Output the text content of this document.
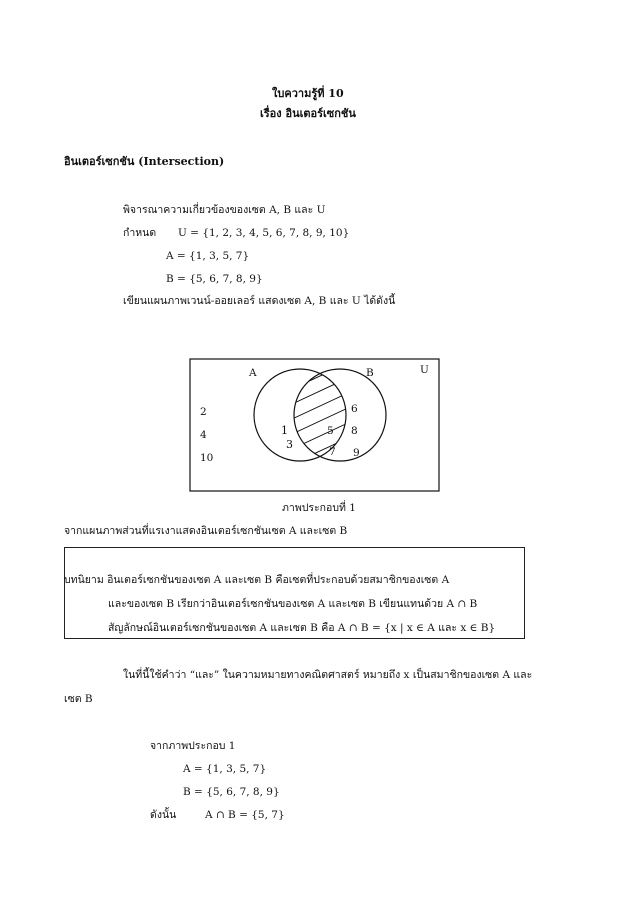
ใบความรู้ที่ 10
เรื่อง อินเตอร์เซกชัน
อินเตอร์เซกชัน (Intersection)
พิจารณาความเกี่ยวข้องของเซต A, B และ U
กำหนด U = {1, 2, 3, 4, 5, 6, 7, 8, 9, 10}
A = {1, 3, 5, 7}
B = {5, 6, 7, 8, 9}
เขียนแผนภาพเวนน์-ออยเลอร์ แสดงเซต A, B และ U ได้ดังนี้
A	B	U
2
4
10
1
3
5
7
6
8
9
ภาพประกอบที่ 1
จากแผนภาพส่วนที่แรเงาแสดงอินเตอร์เซกชันเซต A และเซต B
บทนิยาม อินเตอร์เซกชันของเซต A และเซต B คือเซตที่ประกอบด้วยสมาชิกของเซต A
และของเซต B เรียกว่าอินเตอร์เซกชันของเซต A และเซต B เขียนแทนด้วย A ∩ B
สัญลักษณ์อินเตอร์เซกชันของเซต A และเซต B คือ A ∩ B = {x | x ∈ A และ x ∈ B}
ในที่นี้ใช้คำว่า “และ” ในความหมายทางคณิตศาสตร์ หมายถึง x เป็นสมาชิกของเซต A และ
เซต B
จากภาพประกอบ 1
A = {1, 3, 5, 7}
B = {5, 6, 7, 8, 9}
ดังนั้น	A ∩ B = {5, 7}
